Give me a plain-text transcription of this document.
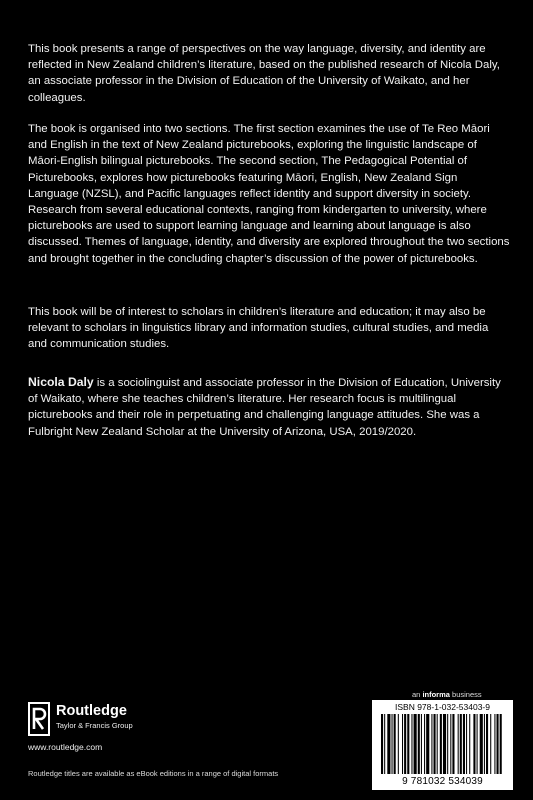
This book presents a range of perspectives on the way language, diversity, and identity are reflected in New Zealand children’s literature, based on the published research of Nicola Daly, an associate professor in the Division of Education of the University of Waikato, and her colleagues.
The book is organised into two sections. The first section examines the use of Te Reo Māori and English in the text of New Zealand picturebooks, exploring the linguistic landscape of Māori-English bilingual picturebooks. The second section, The Pedagogical Potential of Picturebooks, explores how picturebooks featuring Māori, English, New Zealand Sign Language (NZSL), and Pacific languages reflect identity and support diversity in society. Research from several educational contexts, ranging from kindergarten to university, where picturebooks are used to support learning language and learning about language is also discussed. Themes of language, identity, and diversity are explored throughout the two sections and brought together in the concluding chapter’s discussion of the power of picturebooks.
This book will be of interest to scholars in children’s literature and education; it may also be relevant to scholars in linguistics library and information studies, cultural studies, and media and communication studies.
Nicola Daly is a sociolinguist and associate professor in the Division of Education, University of Waikato, where she teaches children’s literature. Her research focus is multilingual picturebooks and their role in perpetuating and challenging language attitudes. She was a Fulbright New Zealand Scholar at the University of Arizona, USA, 2019/2020.
an informa business
Routledge
Taylor & Francis Group
www.routledge.com
Routledge titles are available as eBook editions in a range of digital formats
ISBN 978-1-032-53403-9
9 781032 534039
